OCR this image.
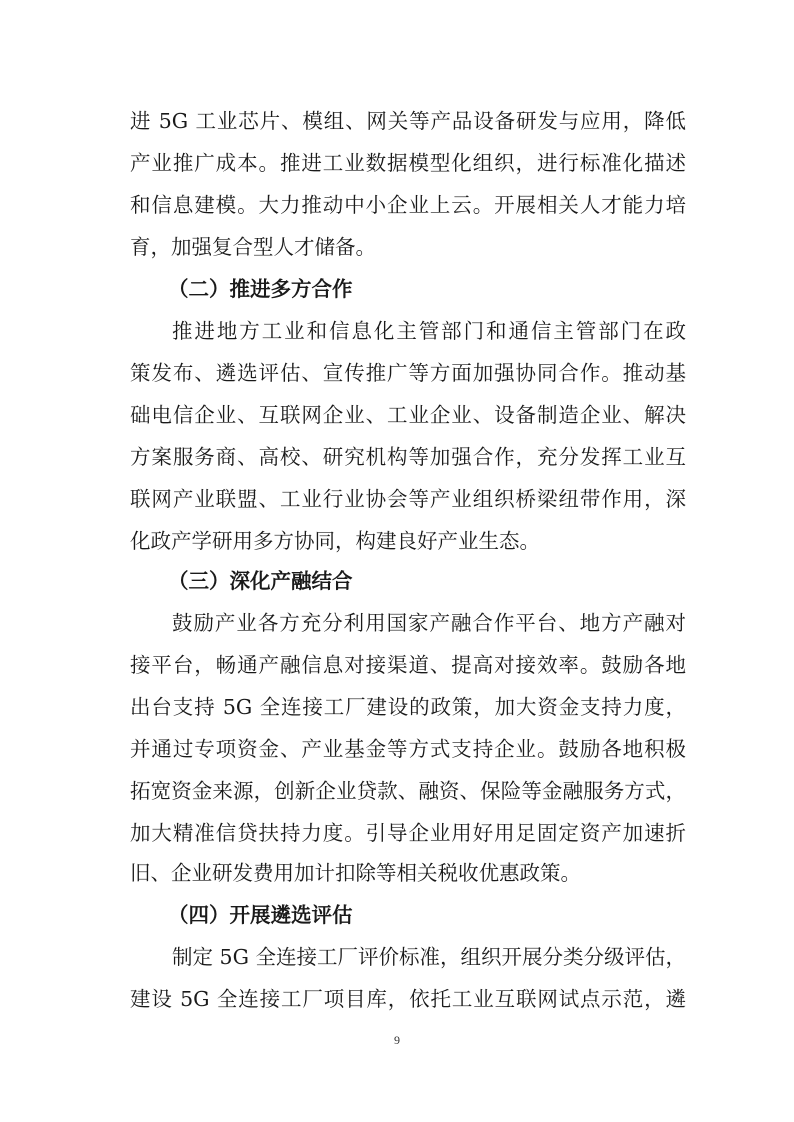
进 5G 工业芯片、模组、网关等产品设备研发与应用，降低
产业推广成本。推进工业数据模型化组织，进行标准化描述
和信息建模。大力推动中小企业上云。开展相关人才能力培
育，加强复合型人才储备。
（二）推进多方合作
推进地方工业和信息化主管部门和通信主管部门在政
策发布、遴选评估、宣传推广等方面加强协同合作。推动基
础电信企业、互联网企业、工业企业、设备制造企业、解决
方案服务商、高校、研究机构等加强合作，充分发挥工业互
联网产业联盟、工业行业协会等产业组织桥梁纽带作用，深
化政产学研用多方协同，构建良好产业生态。
（三）深化产融结合
鼓励产业各方充分利用国家产融合作平台、地方产融对
接平台，畅通产融信息对接渠道、提高对接效率。鼓励各地
出台支持 5G 全连接工厂建设的政策，加大资金支持力度，
并通过专项资金、产业基金等方式支持企业。鼓励各地积极
拓宽资金来源，创新企业贷款、融资、保险等金融服务方式，
加大精准信贷扶持力度。引导企业用好用足固定资产加速折
旧、企业研发费用加计扣除等相关税收优惠政策。
（四）开展遴选评估
制定 5G 全连接工厂评价标准，组织开展分类分级评估，
建设 5G 全连接工厂项目库，依托工业互联网试点示范，遴
9
